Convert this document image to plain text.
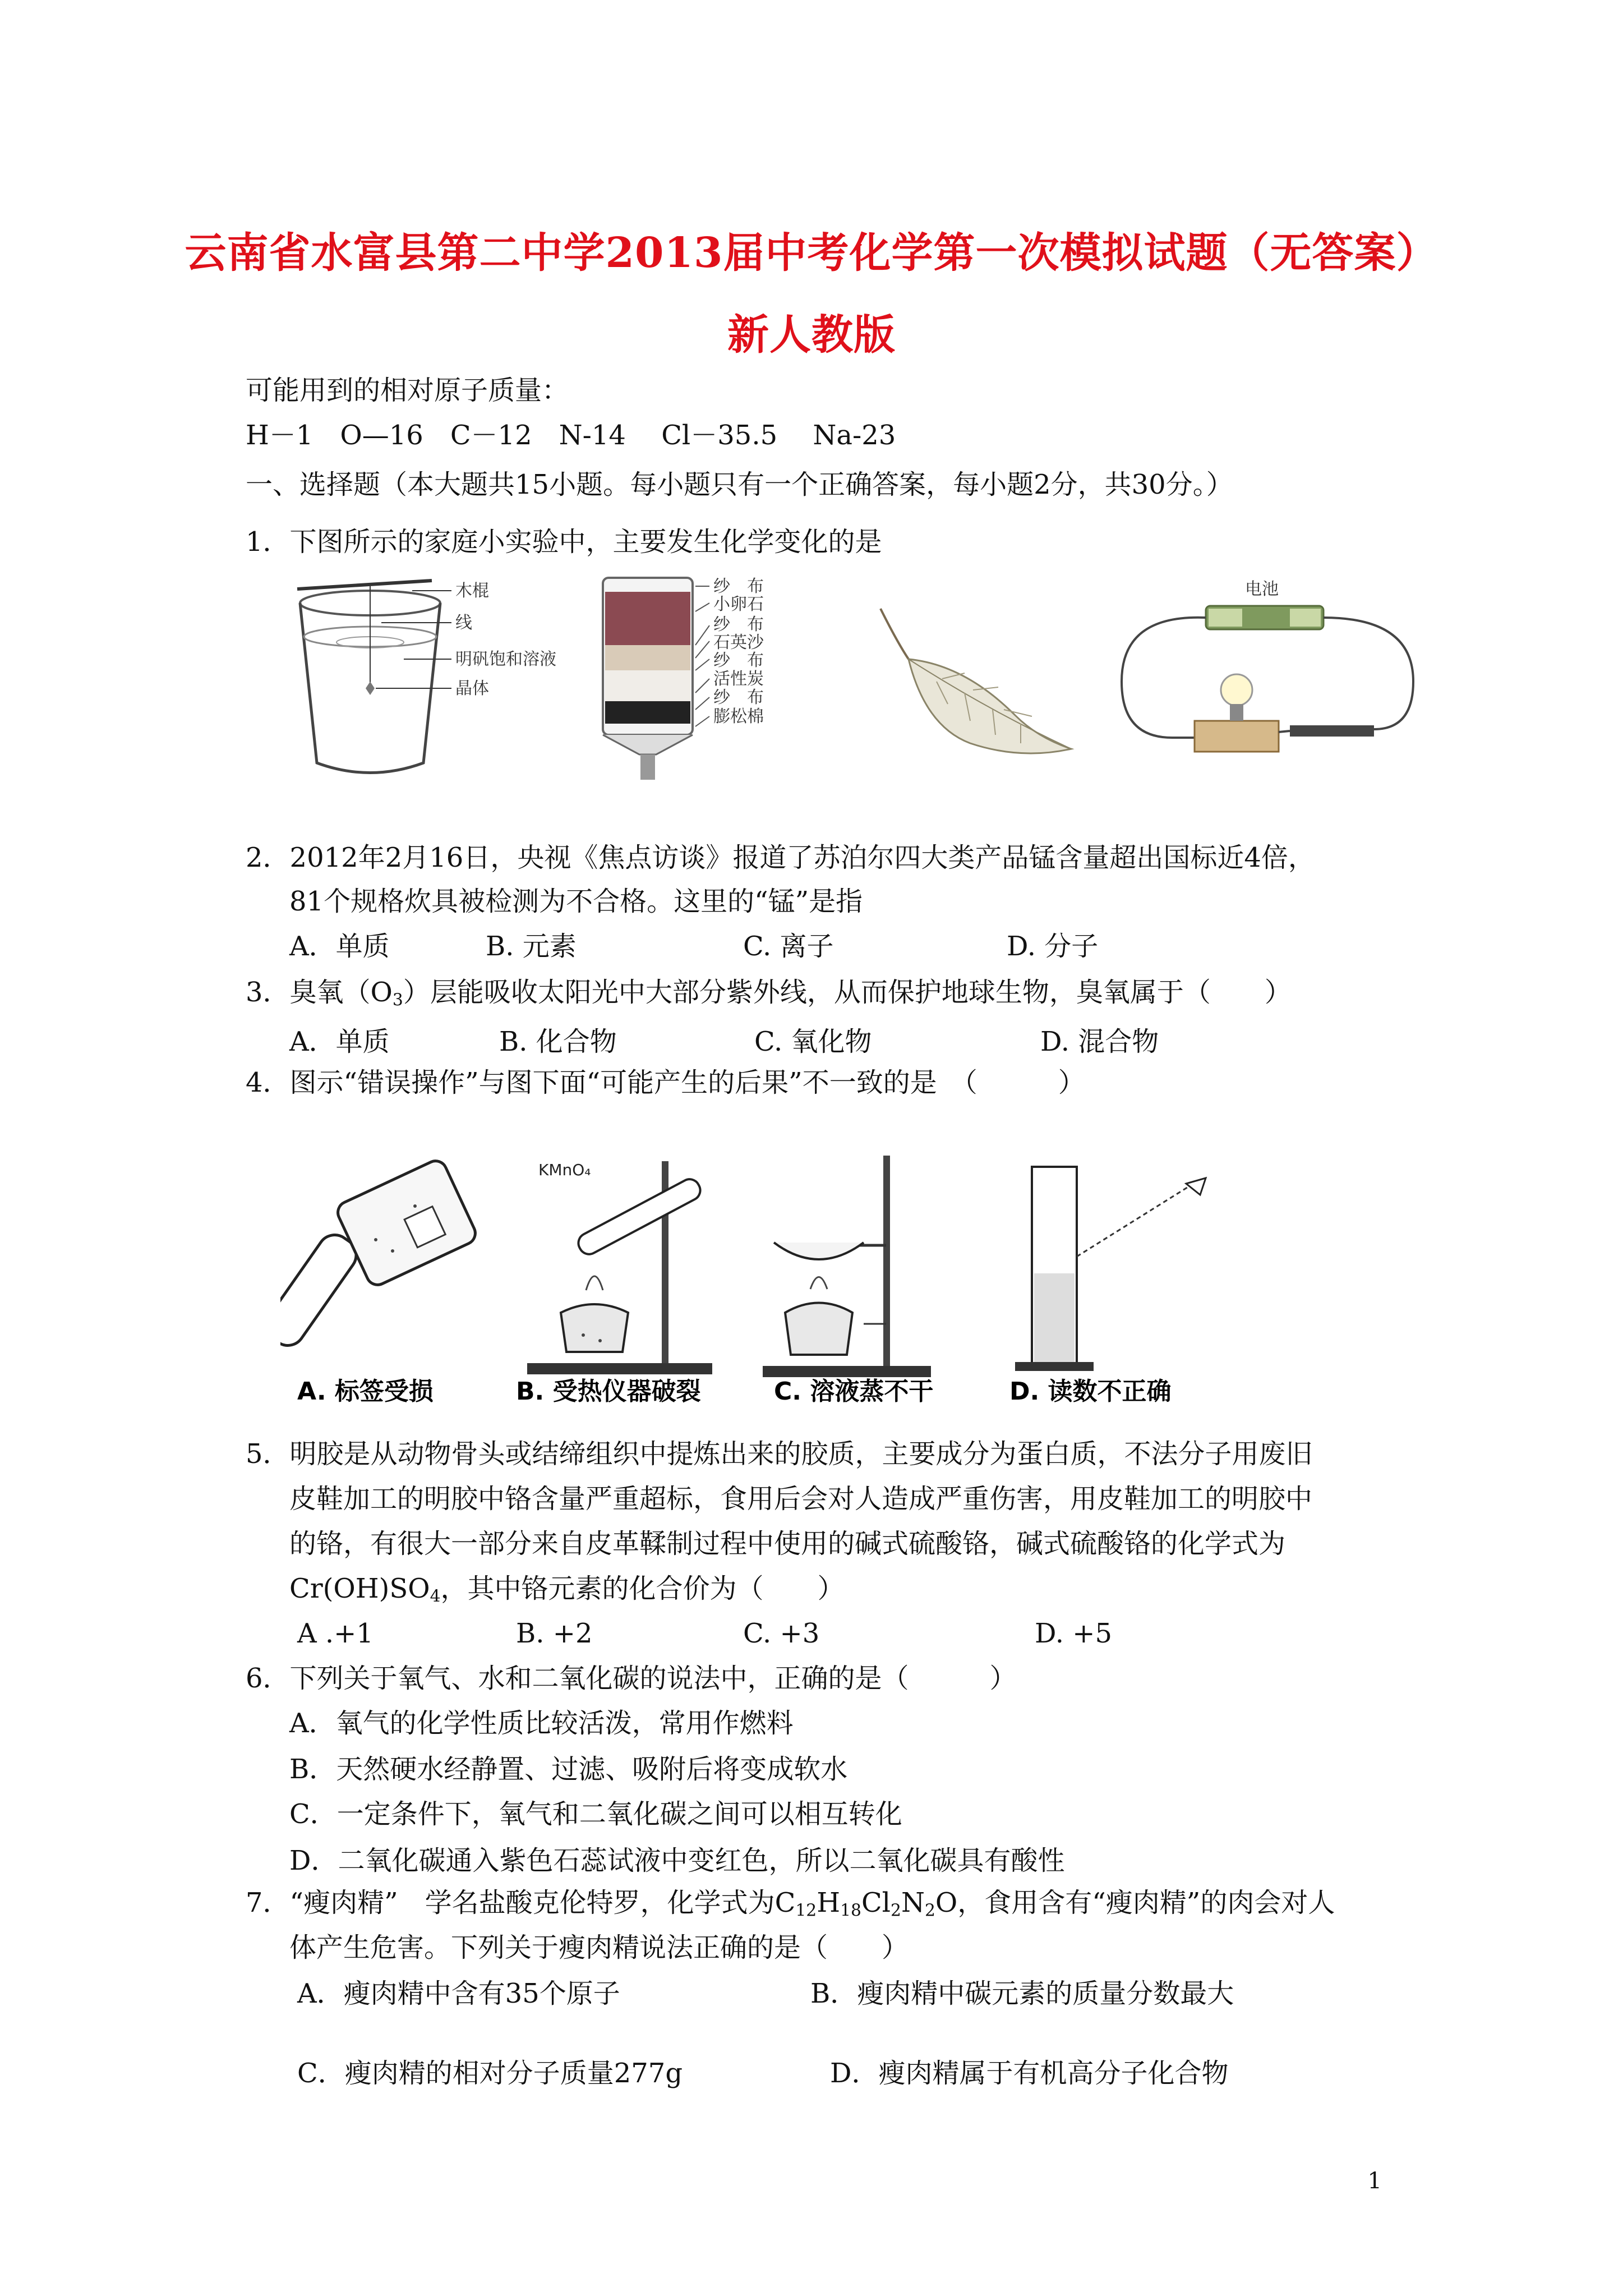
云南省水富县第二中学2013届中考化学第一次模拟试题（无答案）
新人教版
可能用到的相对原子质量：
H－1　O—16　C－12　N-14　 Cl－35.5　 Na-23
一、选择题（本大题共15小题。每小题只有一个正确答案，每小题2分，共30分。）
1．下图所示的家庭小实验中，主要发生化学变化的是
木棍
线
明矾饱和溶液
晶体
纱　布
小卵石
纱　布
石英沙
纱　布
活性炭
纱　布
膨松棉
电池
2．2012年2月16日，央视《焦点访谈》报道了苏泊尔四大类产品锰含量超出国标近4倍，
81个规格炊具被检测为不合格。这里的“锰”是指
A．单质	B. 元素	C. 离子	D. 分子
3．臭氧$(O_3)$层能吸收太阳光中大部分紫外线，从而保护地球生物，臭氧属于（　　）
A．单质	B. 化合物	C. 氧化物	D. 混合物
4．图示“错误操作”与图下面“可能产生的后果”不一致的是　（　　　）
KMnO₄
A. 标签受损	B. 受热仪器破裂	C. 溶液蒸不干	D. 读数不正确
5．明胶是从动物骨头或结缔组织中提炼出来的胶质，主要成分为蛋白质，不法分子用废旧
皮鞋加工的明胶中铬含量严重超标，食用后会对人造成严重伤害，用皮鞋加工的明胶中
的铬，有很大一部分来自皮革鞣制过程中使用的碱式硫酸铬，碱式硫酸铬的化学式为
$Cr(OH)SO_4$，其中铬元素的化合价为（　　）
A .+1	B. +2	C. +3	D. +5
6．下列关于氧气、水和二氧化碳的说法中，正确的是（　　　）
A．氧气的化学性质比较活泼，常用作燃料
B．天然硬水经静置、过滤、吸附后将变成软水
C．一定条件下，氧气和二氧化碳之间可以相互转化
D．二氧化碳通入紫色石蕊试液中变红色，所以二氧化碳具有酸性
7．“瘦肉精”　学名盐酸克伦特罗，化学式为$C_{12}H_{18}Cl_2N_2O$，食用含有“瘦肉精”的肉会对人
体产生危害。下列关于瘦肉精说法正确的是（　　）
A．瘦肉精中含有35个原子	B．瘦肉精中碳元素的质量分数最大
C．瘦肉精的相对分子质量277g	D．瘦肉精属于有机高分子化合物
1
